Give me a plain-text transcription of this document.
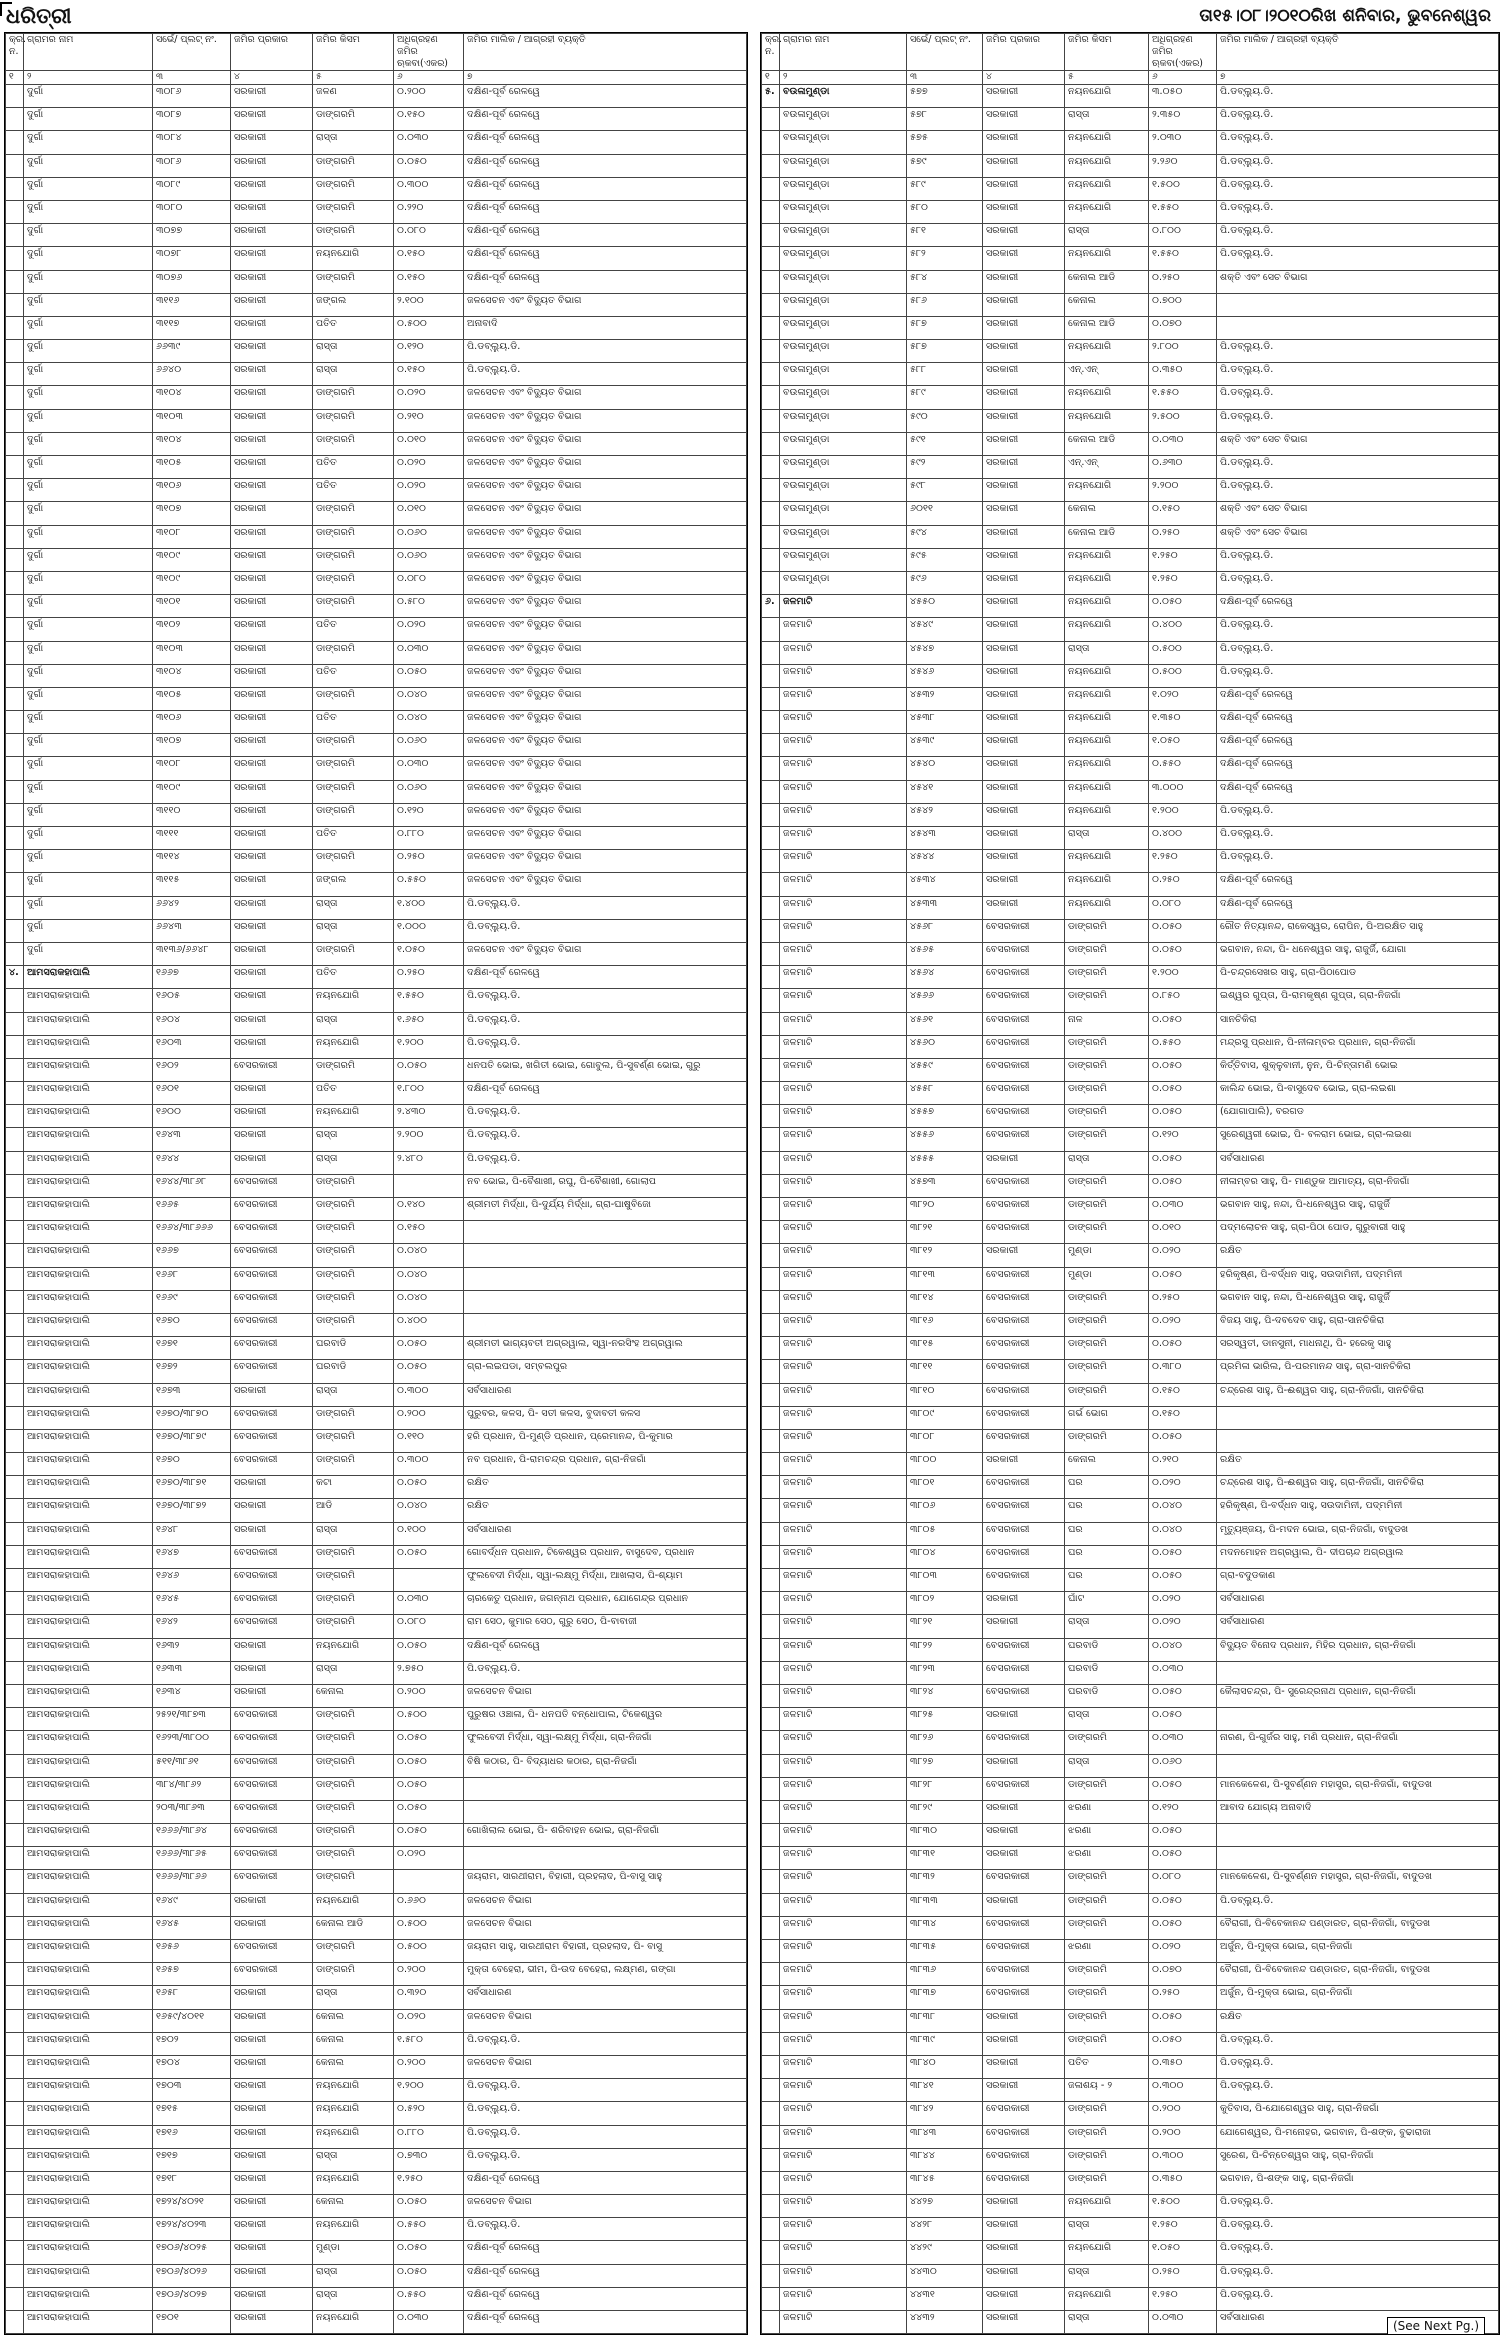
ଧରିତ୍ରୀ	ତା୧୫।୦୮।୨୦୧୦ରିଖ ଶନିବାର, ଭୁବନେଶ୍ୱର
କ୍ର. ନ.	ଗ୍ରାମର ନାମ	ସର୍ଭେ/ ପ୍ଲଟ୍ ନଂ.	ଜମିର ପ୍ରକାର	ଜମିର କିସମ	ଅଧିଗ୍ରହଣ ଜମିର ଋକବା(ଏକର)	ଜମିର ମାଲିକ / ଆଗ୍ରହୀ ବ୍ୟକ୍ତି
୧	୨	୩	୪	୫	୬	୭
	ଦୁର୍ଗା	୩୦୮୬	ସରକାରୀ	ଜଳଣ	୦.୨୦୦	ଦକ୍ଷିଣ-ପୂର୍ବ ରେଳୱେ
	ଦୁର୍ଗା	୩୦୮୭	ସରକାରୀ	ଡାଙ୍ଗରମି	୦.୧୫୦	ଦକ୍ଷିଣ-ପୂର୍ବ ରେଳୱେ
	ଦୁର୍ଗା	୩୦୮୪	ସରକାରୀ	ରାସ୍ତା	୦.୦୩୦	ଦକ୍ଷିଣ-ପୂର୍ବ ରେଳୱେ
	ଦୁର୍ଗା	୩୦୮୬	ସରକାରୀ	ଡାଙ୍ଗରମି	୦.୦୫୦	ଦକ୍ଷିଣ-ପୂର୍ବ ରେଳୱେ
	ଦୁର୍ଗା	୩୦୮୯	ସରକାରୀ	ଡାଙ୍ଗରମି	୦.୩୦୦	ଦକ୍ଷିଣ-ପୂର୍ବ ରେଳୱେ
	ଦୁର୍ଗା	୩୦୮୦	ସରକାରୀ	ଡାଙ୍ଗରମି	୦.୨୨୦	ଦକ୍ଷିଣ-ପୂର୍ବ ରେଳୱେ
	ଦୁର୍ଗା	୩୦୭୭	ସରକାରୀ	ଡାଙ୍ଗରମି	୦.୦୮୦	ଦକ୍ଷିଣ-ପୂର୍ବ ରେଳୱେ
	ଦୁର୍ଗା	୩୦୭୮	ସରକାରୀ	ନୟନଯୋଗି	୦.୧୫୦	ଦକ୍ଷିଣ-ପୂର୍ବ ରେଳୱେ
	ଦୁର୍ଗା	୩୦୭୬	ସରକାରୀ	ଡାଙ୍ଗରମି	୦.୧୫୦	ଦକ୍ଷିଣ-ପୂର୍ବ ରେଳୱେ
	ଦୁର୍ଗା	୩୧୧୬	ସରକାରୀ	ଜଙ୍ଗଲ	୨.୧୦୦	ଜଳସେଚନ ଏବଂ ବିଦ୍ୟୁତ ବିଭାଗ
	ଦୁର୍ଗା	୩୧୧୭	ସରକାରୀ	ପତିତ	୦.୫୦୦	ଅନାବାଦି
	ଦୁର୍ଗା	୬୬୩୯	ସରକାରୀ	ରାସ୍ତା	୦.୧୨୦	ପି.ଡବ୍ଲ୍ୟୁ.ଡି.
	ଦୁର୍ଗା	୬୬୪୦	ସରକାରୀ	ରାସ୍ତା	୦.୧୫୦	ପି.ଡବ୍ଲ୍ୟୁ.ଡି.
	ଦୁର୍ଗା	୩୧୦୪	ସରକାରୀ	ଡାଙ୍ଗରମି	୦.୦୨୦	ଜଳସେଚନ ଏବଂ ବିଦ୍ୟୁତ ବିଭାଗ
	ଦୁର୍ଗା	୩୧୦୩	ସରକାରୀ	ଡାଙ୍ଗରମି	୦.୨୧୦	ଜଳସେଚନ ଏବଂ ବିଦ୍ୟୁତ ବିଭାଗ
	ଦୁର୍ଗା	୩୧୦୪	ସରକାରୀ	ଡାଙ୍ଗରମି	୦.୦୧୦	ଜଳସେଚନ ଏବଂ ବିଦ୍ୟୁତ ବିଭାଗ
	ଦୁର୍ଗା	୩୧୦୫	ସରକାରୀ	ପତିତ	୦.୦୨୦	ଜଳସେଚନ ଏବଂ ବିଦ୍ୟୁତ ବିଭାଗ
	ଦୁର୍ଗା	୩୧୦୬	ସରକାରୀ	ପତିତ	୦.୦୨୦	ଜଳସେଚନ ଏବଂ ବିଦ୍ୟୁତ ବିଭାଗ
	ଦୁର୍ଗା	୩୧୦୭	ସରକାରୀ	ଡାଙ୍ଗରମି	୦.୦୧୦	ଜଳସେଚନ ଏବଂ ବିଦ୍ୟୁତ ବିଭାଗ
	ଦୁର୍ଗା	୩୧୦୮	ସରକାରୀ	ଡାଙ୍ଗରମି	୦.୦୬୦	ଜଳସେଚନ ଏବଂ ବିଦ୍ୟୁତ ବିଭାଗ
	ଦୁର୍ଗା	୩୧୦୯	ସରକାରୀ	ଡାଙ୍ଗରମି	୦.୦୬୦	ଜଳସେଚନ ଏବଂ ବିଦ୍ୟୁତ ବିଭାଗ
	ଦୁର୍ଗା	୩୧୦୯	ସରକାରୀ	ଡାଙ୍ଗରମି	୦.୦୮୦	ଜଳସେଚନ ଏବଂ ବିଦ୍ୟୁତ ବିଭାଗ
	ଦୁର୍ଗା	୩୧୦୧	ସରକାରୀ	ଡାଙ୍ଗରମି	୦.୫୮୦	ଜଳସେଚନ ଏବଂ ବିଦ୍ୟୁତ ବିଭାଗ
	ଦୁର୍ଗା	୩୧୦୨	ସରକାରୀ	ପତିତ	୦.୦୨୦	ଜଳସେଚନ ଏବଂ ବିଦ୍ୟୁତ ବିଭାଗ
	ଦୁର୍ଗା	୩୧୦୩	ସରକାରୀ	ଡାଙ୍ଗରମି	୦.୦୩୦	ଜଳସେଚନ ଏବଂ ବିଦ୍ୟୁତ ବିଭାଗ
	ଦୁର୍ଗା	୩୧୦୪	ସରକାରୀ	ପତିତ	୦.୦୫୦	ଜଳସେଚନ ଏବଂ ବିଦ୍ୟୁତ ବିଭାଗ
	ଦୁର୍ଗା	୩୧୦୫	ସରକାରୀ	ଡାଙ୍ଗରମି	୦.୦୪୦	ଜଳସେଚନ ଏବଂ ବିଦ୍ୟୁତ ବିଭାଗ
	ଦୁର୍ଗା	୩୧୦୬	ସରକାରୀ	ପତିତ	୦.୦୪୦	ଜଳସେଚନ ଏବଂ ବିଦ୍ୟୁତ ବିଭାଗ
	ଦୁର୍ଗା	୩୧୦୭	ସରକାରୀ	ଡାଙ୍ଗରମି	୦.୦୬୦	ଜଳସେଚନ ଏବଂ ବିଦ୍ୟୁତ ବିଭାଗ
	ଦୁର୍ଗା	୩୧୦୮	ସରକାରୀ	ଡାଙ୍ଗରମି	୦.୦୩୦	ଜଳସେଚନ ଏବଂ ବିଦ୍ୟୁତ ବିଭାଗ
	ଦୁର୍ଗା	୩୧୦୯	ସରକାରୀ	ଡାଙ୍ଗରମି	୦.୦୬୦	ଜଳସେଚନ ଏବଂ ବିଦ୍ୟୁତ ବିଭାଗ
	ଦୁର୍ଗା	୩୧୧୦	ସରକାରୀ	ଡାଙ୍ଗରମି	୦.୧୨୦	ଜଳସେଚନ ଏବଂ ବିଦ୍ୟୁତ ବିଭାଗ
	ଦୁର୍ଗା	୩୧୧୧	ସରକାରୀ	ପତିତ	୦.୮୮୦	ଜଳସେଚନ ଏବଂ ବିଦ୍ୟୁତ ବିଭାଗ
	ଦୁର୍ଗା	୩୧୧୪	ସରକାରୀ	ଡାଙ୍ଗରମି	୦.୨୫୦	ଜଳସେଚନ ଏବଂ ବିଦ୍ୟୁତ ବିଭାଗ
	ଦୁର୍ଗା	୩୧୧୫	ସରକାରୀ	ଜଙ୍ଗଲ	୦.୫୫୦	ଜଳସେଚନ ଏବଂ ବିଦ୍ୟୁତ ବିଭାଗ
	ଦୁର୍ଗା	୬୬୪୨	ସରକାରୀ	ରାସ୍ତା	୧.୪୦୦	ପି.ଡବ୍ଲ୍ୟୁ.ଡି.
	ଦୁର୍ଗା	୬୬୪୩	ସରକାରୀ	ରାସ୍ତା	୧.୦୦୦	ପି.ଡବ୍ଲ୍ୟୁ.ଡି.
	ଦୁର୍ଗା	୩୧୩୬/୬୬୪୮	ସରକାରୀ	ଡାଙ୍ଗରମି	୧.୦୫୦	ଜଳସେଚନ ଏବଂ ବିଦ୍ୟୁତ ବିଭାଗ
୪.	ଆମସରାକହାପାଲି	୧୬୬୭	ସରକାରୀ	ପତିତ	୦.୨୫୦	ଦକ୍ଷିଣ-ପୂର୍ବ ରେଳୱେ
	ଆମସରାକହାପାଲି	୧୬୦୫	ସରକାରୀ	ନୟନଯୋଗି	୧.୫୫୦	ପି.ଡବ୍ଲ୍ୟୁ.ଡି.
	ଆମସରାକହାପାଲି	୧୬୦୪	ସରକାରୀ	ରାସ୍ତା	୧.୬୫୦	ପି.ଡବ୍ଲ୍ୟୁ.ଡି.
	ଆମସରାକହାପାଲି	୧୬୦୩	ସରକାରୀ	ନୟନଯୋଗି	୧.୨୦୦	ପି.ଡବ୍ଲ୍ୟୁ.ଡି.
	ଆମସରାକହାପାଲି	୧୬୦୨	ବେସରକାରୀ	ଡାଙ୍ଗରମି	୦.୦୫୦	ଧନପତି ଭୋଇ, ଖଗିତୀ ଭୋଇ, ଗୋବୁଲ, ପି-ସୁବର୍ଣ୍ଣ ଭୋଇ, ଗୁରୁ
	ଆମସରାକହାପାଲି	୧୬୦୧	ସରକାରୀ	ପତିତ	୧.୮୦୦	ଦକ୍ଷିଣ-ପୂର୍ବ ରେଳୱେ
	ଆମସରାକହାପାଲି	୧୬୦୦	ସରକାରୀ	ନୟନଯୋଗି	୨.୪୩୦	ପି.ଡବ୍ଲ୍ୟୁ.ଡି.
	ଆମସରାକହାପାଲି	୧୬୪୩	ସରକାରୀ	ରାସ୍ତା	୨.୨୦୦	ପି.ଡବ୍ଲ୍ୟୁ.ଡି.
	ଆମସରାକହାପାଲି	୧୬୪୪	ସରକାରୀ	ରାସ୍ତା	୨.୪୮୦	ପି.ଡବ୍ଲ୍ୟୁ.ଡି.
	ଆମସରାକହାପାଲି	୧୬୪୪/୩୮୬୮	ବେସରକାରୀ	ଡାଙ୍ଗରମି		ନବ ଭୋଇ, ପି-ବୈଶାଖୀ, ରଘୁ, ପି-ବୈଶାଖୀ, ଗୋଲାପ
	ଆମସରାକହାପାଲି	୧୬୬୫	ବେସରକାରୀ	ଡାଙ୍ଗରମି	୦.୧୪୦	ଶ୍ରୀମତୀ ମିର୍ଦ୍ଧା, ପି-ଦୁର୍ଯ୍ୟ ମିର୍ଦ୍ଧା, ଗ୍ରା-ଘାଷୁବିଜୋ
	ଆମସରାକହାପାଲି	୧୬୬୪/୩୮୬୬୬	ବେସରକାରୀ	ଡାଙ୍ଗରମି	୦.୧୫୦	
	ଆମସରାକହାପାଲି	୧୬୬୭	ବେସରକାରୀ	ଡାଙ୍ଗରମି	୦.୦୪୦	
	ଆମସରାକହାପାଲି	୧୬୬୮	ବେସରକାରୀ	ଡାଙ୍ଗରମି	୦.୦୪୦	
	ଆମସରାକହାପାଲି	୧୬୬୯	ବେସରକାରୀ	ଡାଙ୍ଗରମି	୦.୦୪୦	
	ଆମସରାକହାପାଲି	୧୬୭୦	ବେସରକାରୀ	ଡାଙ୍ଗରମି	୦.୪୦୦	
	ଆମସରାକହାପାଲି	୧୬୭୧	ବେସରକାରୀ	ଘରବାଡି	୦.୦୫୦	ଶ୍ରୀମତୀ ଭାଗ୍ୟବତୀ ଅଗ୍ରୱାଲ, ସ୍ୱା-ନରସିଂହ ଅଗ୍ରୱାଲ
	ଆମସରାକହାପାଲି	୧୬୭୨	ବେସରକାରୀ	ଘରବାଡି	୦.୦୫୦	ଗ୍ରା-ଲଇପଡା, ସମ୍ବଲପୁର
	ଆମସରାକହାପାଲି	୧୬୭୩	ସରକାରୀ	ରାସ୍ତା	୦.୩୦୦	ସର୍ବସାଧାରଣ
	ଆମସରାକହାପାଲି	୧୬୭୦/୩୮୭୦	ବେସରକାରୀ	ଡାଙ୍ଗରମି	୦.୨୦୦	ପୁରୁବର, କଳସ, ପି- ସତୀ କଳସ, ବୁଦାବତୀ କଳସ
	ଆମସରାକହାପାଲି	୧୬୭୦/୩୮୭୯	ବେସରକାରୀ	ଡାଙ୍ଗରମି	୦.୧୧୦	ହରି ପ୍ରଧାନ, ପି-ମୁଣ୍ଡି ପ୍ରଧାନ, ପ୍ରେମାନନ୍ଦ, ପି-କୁମାର
	ଆମସରାକହାପାଲି	୧୬୭୦	ବେସରକାରୀ	ଡାଙ୍ଗରମି	୦.୩୦୦	ନବ ପ୍ରଧାନ, ପି-ରାମଚନ୍ଦ୍ର ପ୍ରଧାନ, ଗ୍ରା-ନିଜଗାଁ
	ଆମସରାକହାପାଲି	୧୬୭୦/୩୮୭୧	ସରକାରୀ	କଟା	୦.୦୫୦	ରକ୍ଷିତ
	ଆମସରାକହାପାଲି	୧୬୭୦/୩୮୭୨	ସରକାରୀ	ଆଡି	୦.୦୪୦	ରକ୍ଷିତ
	ଆମସରାକହାପାଲି	୧୬୪୮	ସରକାରୀ	ରାସ୍ତା	୦.୧୦୦	ସର୍ବସାଧାରଣ
	ଆମସରାକହାପାଲି	୧୬୪୭	ବେସରକାରୀ	ଡାଙ୍ଗରମି	୦.୦୫୦	ଗୋବର୍ଦ୍ଧନ ପ୍ରଧାନ, ଟିକେଶ୍ୱର ପ୍ରଧାନ, ବାସୁଦେବ, ପ୍ରଧାନ
	ଆମସରାକହାପାଲି	୧୬୪୬	ବେସରକାରୀ	ଡାଙ୍ଗରମି		ଫୁଲବେଦୀ ମିର୍ଦ୍ଧା, ସ୍ୱା-ଲକ୍ଷ୍ମୁ ମିର୍ଦ୍ଧା, ଆଖଲାସ, ପି-ଶ୍ୟାମ
	ଆମସରାକହାପାଲି	୧୬୪୫	ବେସରକାରୀ	ଡାଙ୍ଗରମି	୦.୦୩୦	ଚାରକେତୁ ପ୍ରଧାନ, ଜଗନ୍ନାଥ ପ୍ରଧାନ, ଯୋଗେନ୍ଦ୍ର ପ୍ରଧାନ
	ଆମସରାକହାପାଲି	୧୬୪୨	ବେସରକାରୀ	ଡାଙ୍ଗରମି	୦.୦୮୦	ରାମ ସେଠ, କୁମାର ସେଠ, ଗୁରୁ ସେଠ, ପି-ବାବାଜୀ
	ଆମସରାକହାପାଲି	୧୬୩୨	ସରକାରୀ	ନୟନଯୋଗି	୦.୦୫୦	ଦକ୍ଷିଣ-ପୂର୍ବ ରେଳୱେ
	ଆମସରାକହାପାଲି	୧୬୩୩	ସରକାରୀ	ରାସ୍ତା	୨.୭୫୦	ପି.ଡବ୍ଲ୍ୟୁ.ଡି.
	ଆମସରାକହାପାଲି	୧୬୩୪	ସରକାରୀ	କେନାଲ	୦.୨୦୦	ଜଳସେଚନ ବିଭାଗ
	ଆମସରାକହାପାଲି	୨୫୨୧/୩୮୭୩	ବେସରକାରୀ	ଡାଙ୍ଗରମି	୦.୫୦୦	ପୁରୁଷର ଓଞ୍ଚାଳା, ପି- ଧନପତି ବନ୍ଧୋପାଲ, ଟିକେଶ୍ୱର
	ଆମସରାକହାପାଲି	୧୬୨୩/୩୮୦୦	ବେସରକାରୀ	ଡାଙ୍ଗରମି	୦.୦୫୦	ଫୁଲବେଦୀ ମିର୍ଦ୍ଧା, ସ୍ୱା-ଲକ୍ଷ୍ମୁ ମିର୍ଦ୍ଧା, ଗ୍ରା-ନିଜଗାଁ
	ଆମସରାକହାପାଲି	୫୧୧/୩୮୬୧	ବେସରକାରୀ	ଡାଙ୍ଗରମି	୦.୦୫୦	ବିଷି କଠାର, ପି- ବିଦ୍ୟାଧର କଠାର, ଗ୍ରା-ନିଜଗାଁ
	ଆମସରାକହାପାଲି	୩୮୪/୩୮୬୨	ବେସରକାରୀ	ଡାଙ୍ଗରମି	୦.୦୫୦	
	ଆମସରାକହାପାଲି	୨୦୩/୩୮୬୩	ବେସରକାରୀ	ଡାଙ୍ଗରମି	୦.୦୫୦	
	ଆମସରାକହାପାଲି	୧୬୬୬/୩୮୬୪	ବେସରକାରୀ	ଡାଙ୍ଗରମି	୦.୦୫୦	ଗୋଖିଲାଲ ଭୋଇ, ପି- ଶରିବାହନ ଭୋଇ, ଗ୍ରା-ନିଜଗାଁ
	ଆମସରାକହାପାଲି	୧୬୬୬/୩୮୬୫	ବେସରକାରୀ	ଡାଙ୍ଗରମି	୦.୦୨୦	
	ଆମସରାକହାପାଲି	୧୬୬୬/୩୮୬୬	ବେସରକାରୀ	ଡାଙ୍ଗରମି		ଜୟରାମ, ସାରଥୀରାମ, ବିହାରୀ, ପ୍ରହଲାଦ, ପି-ବାସୁ ସାହୁ
	ଆମସରାକହାପାଲି	୧୬୪୯	ସରକାରୀ	ନୟନଯୋଗି	୦.୬୬୦	ଜଳସେଚନ ବିଭାଗ
	ଆମସରାକହାପାଲି	୧୬୪୫	ସରକାରୀ	କେନାଲ ଆଡି	୦.୫୦୦	ଜଳସେଚନ ବିଭାଗ
	ଆମସରାକହାପାଲି	୧୬୫୬	ବେସରକାରୀ	ଡାଙ୍ଗରମି	୦.୫୦୦	ଜୟରାମ ସାହୁ, ସାରଥୀରାମ ବିହାରୀ, ପ୍ରହଲାଦ, ପି- ବାସୁ
	ଆମସରାକହାପାଲି	୧୬୫୭	ବେସରକାରୀ	ଡାଙ୍ଗରମି	୦.୨୦୦	ମୁକ୍ତା ବେହେରା, ଭୀମ, ପି-ଉଦ ବେହେରା, ଲକ୍ଷ୍ମଣ, ଗଙ୍ଗା
	ଆମସରାକହାପାଲି	୧୬୫୮	ସରକାରୀ	ରାସ୍ତା	୦.୩୨୦	ସର୍ବସାଧାରଣ
	ଆମସରାକହାପାଲି	୧୬୫୯/୪୦୧୧	ସରକାରୀ	କେନାଲ	୦.୦୨୦	ଜଳସେଚନ ବିଭାଗ
	ଆମସରାକହାପାଲି	୧୭୦୨	ସରକାରୀ	କେନାଲ	୧.୫୮୦	ପି.ଡବ୍ଲ୍ୟୁ.ଡି.
	ଆମସରାକହାପାଲି	୧୭୦୪	ସରକାରୀ	କେନାଲ	୦.୨୦୦	ଜଳସେଚନ ବିଭାଗ
	ଆମସରାକହାପାଲି	୧୭୦୩	ସରକାରୀ	ନୟନଯୋଗି	୧.୨୦୦	ପି.ଡବ୍ଲ୍ୟୁ.ଡି.
	ଆମସରାକହାପାଲି	୧୭୧୫	ସରକାରୀ	ନୟନଯୋଗି	୦.୫୨୦	ପି.ଡବ୍ଲ୍ୟୁ.ଡି.
	ଆମସରାକହାପାଲି	୧୭୧୬	ସରକାରୀ	ନୟନଯୋଗି	୦.୮୮୦	ପି.ଡବ୍ଲ୍ୟୁ.ଡି.
	ଆମସରାକହାପାଲି	୧୭୧୭	ସରକାରୀ	ରାସ୍ତା	୦.୭୩୦	ପି.ଡବ୍ଲ୍ୟୁ.ଡି.
	ଆମସରାକହାପାଲି	୧୭୧୮	ସରକାରୀ	ନୟନଯୋଗି	୧.୨୫୦	ଦକ୍ଷିଣ-ପୂର୍ବ ରେଳୱେ
	ଆମସରାକହାପାଲି	୧୭୨୪/୪୦୨୧	ସରକାରୀ	କେନାଲ	୦.୦୫୦	ଜଳସେଚନ ବିଭାଗ
	ଆମସରାକହାପାଲି	୧୭୨୪/୪୦୨୩	ସରକାରୀ	ନୟନଯୋଗି	୦.୫୫୦	ପି.ଡବ୍ଲ୍ୟୁ.ଡି.
	ଆମସରାକହାପାଲି	୧୭୦୬/୪୦୨୫	ସରକାରୀ	ମୁଣ୍ଡା	୦.୦୫୦	ଦକ୍ଷିଣ-ପୂର୍ବ ରେଳୱେ
	ଆମସରାକହାପାଲି	୧୭୦୬/୪୦୨୬	ସରକାରୀ	ରାସ୍ତା	୦.୦୫୦	ଦକ୍ଷିଣ-ପୂର୍ବ ରେଳୱେ
	ଆମସରାକହାପାଲି	୧୭୦୬/୪୦୨୭	ସରକାରୀ	ରାସ୍ତା	୦.୫୫୦	ଦକ୍ଷିଣ-ପୂର୍ବ ରେଳୱେ
	ଆମସରାକହାପାଲି	୧୭୦୧	ସରକାରୀ	ନୟନଯୋଗି	୦.୦୩୦	ଦକ୍ଷିଣ-ପୂର୍ବ ରେଳୱେ
କ୍ର. ନ.	ଗ୍ରାମର ନାମ	ସର୍ଭେ/ ପ୍ଲଟ୍ ନଂ.	ଜମିର ପ୍ରକାର	ଜମିର କିସମ	ଅଧିଗ୍ରହଣ ଜମିର ଋକବା(ଏକର)	ଜମିର ମାଲିକ / ଆଗ୍ରହୀ ବ୍ୟକ୍ତି
୧	୨	୩	୪	୫	୬	୭
୫.	ବଉଳାମୁଣ୍ଡା	୫୭୭	ସରକାରୀ	ନୟନଯୋଗି	୩.୦୫୦	ପି.ଡବ୍ଲ୍ୟୁ.ଡି.
	ବଉଳାମୁଣ୍ଡା	୫୭୮	ସରକାରୀ	ରାସ୍ତା	୨.୩୫୦	ପି.ଡବ୍ଲ୍ୟୁ.ଡି.
	ବଉଳାମୁଣ୍ଡା	୫୭୫	ସରକାରୀ	ନୟନଯୋଗି	୨.୦୩୦	ପି.ଡବ୍ଲ୍ୟୁ.ଡି.
	ବଉଳାମୁଣ୍ଡା	୫୭୯	ସରକାରୀ	ନୟନଯୋଗି	୨.୨୬୦	ପି.ଡବ୍ଲ୍ୟୁ.ଡି.
	ବଉଳାମୁଣ୍ଡା	୫୮୯	ସରକାରୀ	ନୟନଯୋଗି	୧.୫୦୦	ପି.ଡବ୍ଲ୍ୟୁ.ଡି.
	ବଉଳାମୁଣ୍ଡା	୫୮୦	ସରକାରୀ	ନୟନଯୋଗି	୧.୫୫୦	ପି.ଡବ୍ଲ୍ୟୁ.ଡି.
	ବଉଳାମୁଣ୍ଡା	୫୮୧	ସରକାରୀ	ରାସ୍ତା	୦.୮୦୦	ପି.ଡବ୍ଲ୍ୟୁ.ଡି.
	ବଉଳାମୁଣ୍ଡା	୫୮୨	ସରକାରୀ	ନୟନଯୋଗି	୧.୫୫୦	ପି.ଡବ୍ଲ୍ୟୁ.ଡି.
	ବଉଳାମୁଣ୍ଡା	୫୮୪	ସରକାରୀ	କେନାଲ ଆଡି	୦.୨୫୦	ଶକ୍ତି ଏବଂ ସେଚ ବିଭାଗ
	ବଉଳାମୁଣ୍ଡା	୫୮୬	ସରକାରୀ	କେନାଲ	୦.୭୦୦	
	ବଉଳାମୁଣ୍ଡା	୫୮୭	ସରକାରୀ	କେନାଲ ଆଡି	୦.୦୭୦	
	ବଉଳାମୁଣ୍ଡା	୫୮୭	ସରକାରୀ	ନୟନଯୋଗି	୨.୮୦୦	ପି.ଡବ୍ଲ୍ୟୁ.ଡି.
	ବଉଳାମୁଣ୍ଡା	୫୮୮	ସରକାରୀ	ଏନ୍.ଏନ୍	୦.୩୫୦	ପି.ଡବ୍ଲ୍ୟୁ.ଡି.
	ବଉଳାମୁଣ୍ଡା	୫୮୯	ସରକାରୀ	ନୟନଯୋଗି	୧.୫୫୦	ପି.ଡବ୍ଲ୍ୟୁ.ଡି.
	ବଉଳାମୁଣ୍ଡା	୫୯୦	ସରକାରୀ	ନୟନଯୋଗି	୨.୫୦୦	ପି.ଡବ୍ଲ୍ୟୁ.ଡି.
	ବଉଳାମୁଣ୍ଡା	୫୯୧	ସରକାରୀ	କେନାଲ ଆଡି	୦.୦୩୦	ଶକ୍ତି ଏବଂ ସେଚ ବିଭାଗ
	ବଉଳାମୁଣ୍ଡା	୫୯୨	ସରକାରୀ	ଏନ୍.ଏନ୍	୦.୬୩୦	ପି.ଡବ୍ଲ୍ୟୁ.ଡି.
	ବଉଳାମୁଣ୍ଡା	୫୯୮	ସରକାରୀ	ନୟନଯୋଗି	୨.୨୦୦	ପି.ଡବ୍ଲ୍ୟୁ.ଡି.
	ବଉଳାମୁଣ୍ଡା	୬୦୧୧	ସରକାରୀ	କେନାଲ	୦.୧୫୦	ଶକ୍ତି ଏବଂ ସେଚ ବିଭାଗ
	ବଉଳାମୁଣ୍ଡା	୫୯୪	ସରକାରୀ	କେନାଲ ଆଡି	୦.୨୫୦	ଶକ୍ତି ଏବଂ ସେଚ ବିଭାଗ
	ବଉଳାମୁଣ୍ଡା	୫୯୫	ସରକାରୀ	ନୟନଯୋଗି	୧.୨୫୦	ପି.ଡବ୍ଲ୍ୟୁ.ଡି.
	ବଉଳାମୁଣ୍ଡା	୫୯୬	ସରକାରୀ	ନୟନଯୋଗି	୧.୨୫୦	ପି.ଡବ୍ଲ୍ୟୁ.ଡି.
୬.	ଜଳମାଟି	୪୫୫୦	ସରକାରୀ	ନୟନଯୋଗି	୦.୦୫୦	ଦକ୍ଷିଣ-ପୂର୍ବ ରେଳୱେ
	ଜଳମାଟି	୪୫୪୯	ସରକାରୀ	ନୟନଯୋଗି	୦.୪୦୦	ପି.ଡବ୍ଲ୍ୟୁ.ଡି.
	ଜଳମାଟି	୪୫୪୭	ସରକାରୀ	ରାସ୍ତା	୦.୫୦୦	ପି.ଡବ୍ଲ୍ୟୁ.ଡି.
	ଜଳମାଟି	୪୫୪୬	ସରକାରୀ	ନୟନଯୋଗି	୦.୫୦୦	ପି.ଡବ୍ଲ୍ୟୁ.ଡି.
	ଜଳମାଟି	୪୫୩୨	ସରକାରୀ	ନୟନଯୋଗି	୧.୦୨୦	ଦକ୍ଷିଣ-ପୂର୍ବ ରେଳୱେ
	ଜଳମାଟି	୪୫୩୮	ସରକାରୀ	ନୟନଯୋଗି	୧.୩୫୦	ଦକ୍ଷିଣ-ପୂର୍ବ ରେଳୱେ
	ଜଳମାଟି	୪୫୩୯	ସରକାରୀ	ନୟନଯୋଗି	୧.୦୫୦	ଦକ୍ଷିଣ-ପୂର୍ବ ରେଳୱେ
	ଜଳମାଟି	୪୫୪୦	ସରକାରୀ	ନୟନଯୋଗି	୦.୫୫୦	ଦକ୍ଷିଣ-ପୂର୍ବ ରେଳୱେ
	ଜଳମାଟି	୪୫୪୧	ସରକାରୀ	ନୟନଯୋଗି	୩.୦୦୦	ଦକ୍ଷିଣ-ପୂର୍ବ ରେଳୱେ
	ଜଳମାଟି	୪୫୪୨	ସରକାରୀ	ନୟନଯୋଗି	୧.୨୦୦	ପି.ଡବ୍ଲ୍ୟୁ.ଡି.
	ଜଳମାଟି	୪୫୪୩	ସରକାରୀ	ରାସ୍ତା	୦.୪୦୦	ପି.ଡବ୍ଲ୍ୟୁ.ଡି.
	ଜଳମାଟି	୪୫୪୪	ସରକାରୀ	ନୟନଯୋଗି	୧.୨୫୦	ପି.ଡବ୍ଲ୍ୟୁ.ଡି.
	ଜଳମାଟି	୪୫୩୪	ସରକାରୀ	ନୟନଯୋଗି	୦.୨୫୦	ଦକ୍ଷିଣ-ପୂର୍ବ ରେଳୱେ
	ଜଳମାଟି	୪୫୩୩	ସରକାରୀ	ନୟନଯୋଗି	୦.୦୮୦	ଦକ୍ଷିଣ-ପୂର୍ବ ରେଳୱେ
	ଜଳମାଟି	୪୫୬୮	ବେସରକାରୀ	ଡାଙ୍ଗରମି	୦.୦୫୦	ରୌତ ନିତ୍ୟାନନ୍ଦ, ରାକେସ୍ୱର, ରୋପିନ, ପି-ଅରକ୍ଷିତ ସାହୁ
	ଜଳମାଟି	୪୫୬୫	ବେସରକାରୀ	ଡାଙ୍ଗରମି	୦.୦୫୦	ଭଗବାନ, ନନ୍ଦା, ପି- ଧନେଶ୍ୱର ସାହୁ, ରାଜୁର୍ଜି, ଯୋଗା
	ଜଳମାଟି	୪୫୬୪	ବେସରକାରୀ	ଡାଙ୍ଗରମି	୧.୨୦୦	ପି-ଚନ୍ଦ୍ରସେଖର ସାହୁ, ଗ୍ରା-ପିଠାପୋଡ
	ଜଳମାଟି	୪୫୬୬	ବେସରକାରୀ	ଡାଙ୍ଗରମି	୦.୮୫୦	ଇଶ୍ୱର ଗୁପ୍ତା, ପି-ରାମକୃଷ୍ଣ ଗୁପ୍ତା, ଗ୍ରା-ନିଜଗାଁ
	ଜଳମାଟି	୪୫୬୧	ବେସରକାରୀ	ନାଳ	୦.୦୫୦	ସାନଚିକିରା
	ଜଳମାଟି	୪୫୬୦	ବେସରକାରୀ	ଡାଙ୍ଗରମି	୦.୫୫୦	ମନ୍ଦ୍ରସୁ ପ୍ରଧାନ, ପି-ନୀଳାମ୍ବର ପ୍ରଧାନ, ଗ୍ରା-ନିଜଗାଁ
	ଜଳମାଟି	୪୫୫୯	ବେସରକାରୀ	ଡାଙ୍ଗରମି	୦.୦୫୦	କିର୍ତ୍ତିବାସ, ଶୁକ୍ଳୁବାନୀ, ନୁନ, ପି-ଚିନ୍ତାମଣି ଭୋଇ
	ଜଳମାଟି	୪୫୫୮	ବେସରକାରୀ	ଡାଙ୍ଗରମି	୦.୦୫୦	କାଲିନ୍ଦ ଭୋଇ, ପି-ବାସୁଦେବ ଭୋଇ, ଗ୍ରା-ଲଇଶା
	ଜଳମାଟି	୪୫୫୭	ବେସରକାରୀ	ଡାଙ୍ଗରମି	୦.୦୫୦	(ଯୋଗାପାଲି), ବରଗଡ
	ଜଳମାଟି	୪୫୫୬	ବେସରକାରୀ	ଡାଙ୍ଗରମି	୦.୧୨୦	ସୁରେଶ୍ୱରୀ ଭୋଇ, ପି- ବଳରାମ ଭୋଇ, ଗ୍ରା-ଲଇଶା
	ଜଳମାଟି	୪୫୫୫	ସରକାରୀ	ରାସ୍ତା	୦.୦୫୦	ସର୍ବସାଧାରଣ
	ଜଳମାଟି	୪୫୭୩	ବେସରକାରୀ	ଡାଙ୍ଗରମି	୦.୦୫୦	ନୀଳାମ୍ବର ସାହୁ, ପି- ମାଣ୍ଡୁକ ଆମାତ୍ୟ, ଗ୍ରା-ନିଜଗାଁ
	ଜଳମାଟି	୩୮୨୦	ବେସରକାରୀ	ଡାଙ୍ଗରମି	୦.୦୩୦	ଭଗବାନ ସାହୁ, ନନ୍ଦା, ପି-ଧନେଶ୍ୱର ସାହୁ, ରାଜୁର୍ଜି
	ଜଳମାଟି	୩୮୨୧	ବେସରକାରୀ	ଡାଙ୍ଗରମି	୦.୦୧୦	ପଦ୍ମଲୋଚନ ସାହୁ, ଗ୍ରା-ପିଠା ପୋଡ, ଗୁରୁବାରୀ ସାହୁ
	ଜଳମାଟି	୩୮୧୨	ସରକାରୀ	ମୁଣ୍ଡା	୦.୦୨୦	ରକ୍ଷିତ
	ଜଳମାଟି	୩୮୧୩	ବେସରକାରୀ	ମୁଣ୍ଡା	୦.୦୫୦	ହରିକୃଷ୍ଣ, ପି-ବର୍ଦ୍ଧନ ସାହୁ, ସଉଦାମିନୀ, ପଦ୍ମମିନୀ
	ଜଳମାଟି	୩୮୧୪	ବେସରକାରୀ	ଡାଙ୍ଗରମି	୦.୨୫୦	ଭଗବାନ ସାହୁ, ନନ୍ଦା, ପି-ଧନେଶ୍ୱର ସାହୁ, ରାଜୁର୍ଜି
	ଜଳମାଟି	୩୮୧୬	ବେସରକାରୀ	ଡାଙ୍ଗରମି	୦.୦୨୦	ବିଜୟ ସାହୁ, ପି-ଦବଦେବ ସାହୁ, ଗ୍ରା-ସାନଚିକିରା
	ଜଳମାଟି	୩୮୧୫	ବେସରକାରୀ	ଡାଙ୍ଗରମି	୦.୦୫୦	ସରସ୍ୱତୀ, ଡାନସୁନୀ, ମାଧନାଥି, ପି- ହରେକୃ ସାହୁ
	ଜଳମାଟି	୩୮୧୧	ବେସରକାରୀ	ଡାଙ୍ଗରମି	୦.୩୮୦	ପ୍ରମିଳା ଭାରିଲ, ପି-ପରମାନନ୍ଦ ସାହୁ, ଗ୍ରା-ସାନଚିକିରା
	ଜଳମାଟି	୩୮୧୦	ବେସରକାରୀ	ଡାଙ୍ଗରମି	୦.୧୫୦	ଚନ୍ଦ୍ରେଶ ସାହୁ, ପି-ଈଶ୍ୱର ସାହୁ, ଗ୍ରା-ନିଜଗାଁ, ସାନଚିକିରା
	ଜଳମାଟି	୩୮୦୯	ବେସରକାରୀ	ଗର୍ଭ ଭୋଗ	୦.୧୫୦	
	ଜଳମାଟି	୩୮୦୮	ବେସରକାରୀ	ଡାଙ୍ଗରମି	୦.୦୫୦	
	ଜଳମାଟି	୩୮୦୦	ସରକାରୀ	କେନାଲ	୦.୨୧୦	ରକ୍ଷିତ
	ଜଳମାଟି	୩୮୦୧	ବେସରକାରୀ	ଘର	୦.୦୨୦	ଚନ୍ଦ୍ରେଶ ସାହୁ, ପି-ଈଶ୍ୱର ସାହୁ, ଗ୍ରା-ନିଜଗାଁ, ସାନଚିକିରା
	ଜଳମାଟି	୩୮୦୬	ବେସରକାରୀ	ଘର	୦.୦୪୦	ହରିକୃଷ୍ଣ, ପି-ବର୍ଦ୍ଧନ ସାହୁ, ସଉଦାମିନୀ, ପଦ୍ମମିନୀ
	ଜଳମାଟି	୩୮୦୫	ବେସରକାରୀ	ଘର	୦.୦୪୦	ମୃତ୍ୟୁଞ୍ଜୟ, ପି-ମଦନ ଭୋଇ, ଗ୍ରା-ନିଜଗାଁ, ବାଦୁଡଖ
	ଜଳମାଟି	୩୮୦୪	ବେସରକାରୀ	ଘର	୦.୦୫୦	ମଦନମୋହନ ଅଗ୍ରୱାଲ, ପି- ଦୀପଚାନ୍ଦ ଅଗ୍ରୱାଲ
	ଜଳମାଟି	୩୮୦୩	ବେସରକାରୀ	ଘର	୦.୦୫୦	ଗ୍ରା-ବଦୁଡକାଣ
	ଜଳମାଟି	୩୮୦୨	ସରକାରୀ	ଘାଁଟ	୦.୦୨୦	ସର୍ବସାଧାରଣ
	ଜଳମାଟି	୩୮୨୧	ସରକାରୀ	ରାସ୍ତା	୦.୦୨୦	ସର୍ବସାଧାରଣ
	ଜଳମାଟି	୩୮୨୨	ବେସରକାରୀ	ଘରବାଡି	୦.୦୪୦	ବିଦ୍ୟୁତ ବିନୋଦ ପ୍ରଧାନ, ମିହିର ପ୍ରଧାନ, ଗ୍ରା-ନିଜଗାଁ
	ଜଳମାଟି	୩୮୨୩	ବେସରକାରୀ	ଘରବାଡି	୦.୦୩୦	
	ଜଳମାଟି	୩୮୨୪	ବେସରକାରୀ	ଘରବାଡି	୦.୦୫୦	କୈଲାସଚନ୍ଦ୍ର, ପି- ସୁରେନ୍ଦ୍ରନାଥ ପ୍ରଧାନ, ଗ୍ରା-ନିଜଗାଁ
	ଜଳମାଟି	୩୮୨୫	ସରକାରୀ	ରାସ୍ତା	୦.୦୫୦	
	ଜଳମାଟି	୩୮୨୬	ବେସରକାରୀ	ଡାଙ୍ଗରମି	୦.୦୩୦	ନାରଣ, ପି-ଗୁର୍ଜର ସାହୁ, ମଣି ପ୍ରଧାନ, ଗ୍ରା-ନିଜଗାଁ
	ଜଳମାଟି	୩୮୨୭	ସରକାରୀ	ରାସ୍ତା	୦.୦୬୦	
	ଜଳମାଟି	୩୮୨୮	ବେସରକାରୀ	ଡାଙ୍ଗରମି	୦.୦୫୦	ମାନକେଳେଶ, ପି-ସୁବର୍ଣ୍ଣନ ମହାସ୍ତ୍ର, ଗ୍ରା-ନିଜଗାଁ, ବାଦୁଡଖ
	ଜଳମାଟି	୩୮୨୯	ସରକାରୀ	ଝରଣା	୦.୧୨୦	ଆବାଦ ଯୋଗ୍ୟ ଅନାବାଦି
	ଜଳମାଟି	୩୮୩୦	ସରକାରୀ	ଝରଣା	୦.୦୫୦	
	ଜଳମାଟି	୩୮୩୧	ସରକାରୀ	ଝରଣା	୦.୦୫୦	
	ଜଳମାଟି	୩୮୩୨	ବେସରକାରୀ	ଡାଙ୍ଗରମି	୦.୦୮୦	ମାନକେଳେଶ, ପି-ସୁବର୍ଣ୍ଣନ ମହାସ୍ତ୍ର, ଗ୍ରା-ନିଜଗାଁ, ବାଦୁଡଖ
	ଜଳମାଟି	୩୮୩୩	ସରକାରୀ	ଡାଙ୍ଗରମି	୦.୦୫୦	ପି.ଡବ୍ଲ୍ୟୁ.ଡି.
	ଜଳମାଟି	୩୮୩୪	ବେସରକାରୀ	ଡାଙ୍ଗରମି	୦.୦୫୦	ବୈରାଗୀ, ପି-ବିବେକାନନ୍ଦ ପଣ୍ଡାରତ, ଗ୍ରା-ନିଜଗାଁ, ବାଦୁଡଖ
	ଜଳମାଟି	୩୮୩୫	ବେସରକାରୀ	ଝରଣା	୦.୦୨୦	ଅର୍ଜୁନ, ପି-ମୁକ୍ତା ଭୋଇ, ଗ୍ରା-ନିଜଗାଁ
	ଜଳମାଟି	୩୮୩୬	ବେସରକାରୀ	ଡାଙ୍ଗରମି	୦.୦୭୦	ବୈରାଗୀ, ପି-ବିବେକାନନ୍ଦ ପଣ୍ଡାରତ, ଗ୍ରା-ନିଜଗାଁ, ବାଦୁଡଖ
	ଜଳମାଟି	୩୮୩୭	ବେସରକାରୀ	ଡାଙ୍ଗରମି	୦.୨୫୦	ଅର୍ଜୁନ, ପି-ମୁକ୍ତା ଭୋଇ, ଗ୍ରା-ନିଜଗାଁ
	ଜଳମାଟି	୩୮୩୮	ସରକାରୀ	ଡାଙ୍ଗରମି	୦.୦୫୦	ରକ୍ଷିତ
	ଜଳମାଟି	୩୮୩୯	ସରକାରୀ	ଡାଙ୍ଗରମି	୦.୦୫୦	ପି.ଡବ୍ଲ୍ୟୁ.ଡି.
	ଜଳମାଟି	୩୮୪୦	ସରକାରୀ	ପତିତ	୦.୩୫୦	ପି.ଡବ୍ଲ୍ୟୁ.ଡି.
	ଜଳମାଟି	୩୮୪୧	ସରକାରୀ	ଜଳାଶୟ - ୨	୦.୩୦୦	ପି.ଡବ୍ଲ୍ୟୁ.ଡି.
	ଜଳମାଟି	୩୮୪୨	ବେସରକାରୀ	ଡାଙ୍ଗରମି	୦.୨୦୦	କୁତିବାସ, ପି-ଯୋଗେଶ୍ୱର ସାହୁ, ଗ୍ରା-ନିଜଗାଁ
	ଜଳମାଟି	୩୮୪୩	ବେସରକାରୀ	ଡାଙ୍ଗରମି	୦.୨୦୦	ଯୋଗେଶ୍ୱର, ପି-ମନୋହର, ଭଗବାନ, ପି-ଶଙ୍କ, ବୁଢାରାଜା
	ଜଳମାଟି	୩୮୪୪	ବେସରକାରୀ	ଡାଙ୍ଗରମି	୦.୩୦୦	ସୁରେଶ, ପି-ଚିନ୍ତେଶ୍ୱର ସାହୁ, ଗ୍ରା-ନିଜଗାଁ
	ଜଳମାଟି	୩୮୪୫	ବେସରକାରୀ	ଡାଙ୍ଗରମି	୦.୩୫୦	ଭଗବାନ, ପି-ଶଙ୍କ ସାହୁ, ଗ୍ରା-ନିଜଗାଁ
	ଜଳମାଟି	୪୪୨୭	ସରକାରୀ	ନୟନଯୋଗି	୧.୫୦୦	ପି.ଡବ୍ଲ୍ୟୁ.ଡି.
	ଜଳମାଟି	୪୪୨୮	ସରକାରୀ	ରାସ୍ତା	୧.୨୫୦	ପି.ଡବ୍ଲ୍ୟୁ.ଡି.
	ଜଳମାଟି	୪୪୨୯	ସରକାରୀ	ନୟନଯୋଗି	୧.୦୫୦	ପି.ଡବ୍ଲ୍ୟୁ.ଡି.
	ଜଳମାଟି	୪୪୩୦	ସରକାରୀ	ରାସ୍ତା	୦.୨୫୦	ପି.ଡବ୍ଲ୍ୟୁ.ଡି.
	ଜଳମାଟି	୪୪୩୧	ସରକାରୀ	ନୟନଯୋଗି	୧.୨୫୦	ପି.ଡବ୍ଲ୍ୟୁ.ଡି.
	ଜଳମାଟି	୪୪୩୨	ସରକାରୀ	ରାସ୍ତା	୦.୦୩୦	ସର୍ବସାଧାରଣ
(See Next Pg.)
